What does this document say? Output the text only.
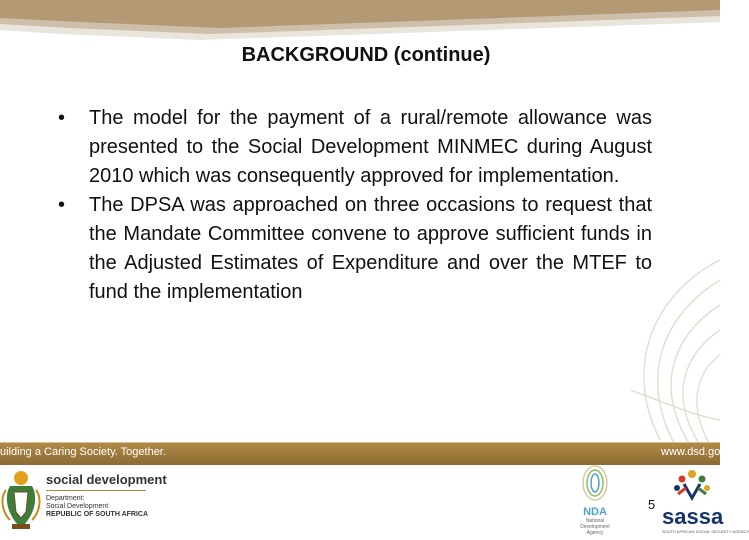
BACKGROUND (continue)
• The model for the payment of a rural/remote allowance was presented to the Social Development MINMEC during August 2010 which was consequently approved for implementation.
• The DPSA was approached on three occasions to request that the Mandate Committee convene to approve sufficient funds in the Adjusted Estimates of Expenditure and over the MTEF to fund the implementation
uilding a Caring Society. Together.	www.dsd.gov
social development
Department:
Social Development
REPUBLIC OF SOUTH AFRICA	NDA
National
Development
Agency
5 sassa
SOUTH AFRICAN SOCIAL SECURITY AGENCY
